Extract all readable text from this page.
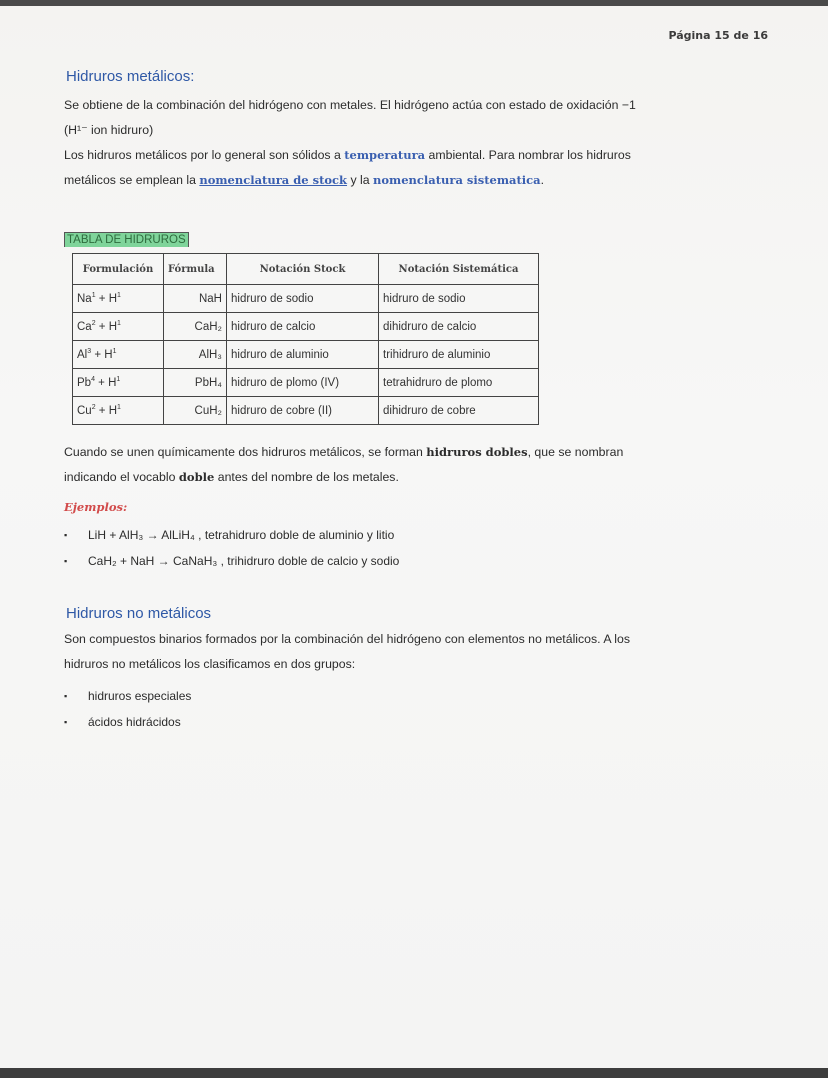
Página 15 de 16
Hidruros metálicos:
Se obtiene de la combinación del hidrógeno con metales. El hidrógeno actúa con estado de oxidación −1
(H¹⁻ ion hidruro)
Los hidruros metálicos por lo general son sólidos a temperatura ambiental. Para nombrar los hidruros
metálicos se emplean la nomenclatura de stock y la nomenclatura sistematica.
TABLA DE HIDRUROS
Formulación	Fórmula	Notación Stock	Notación Sistemática
$Na^1 + H^1$	NaH	hidruro de sodio	hidruro de sodio
$Ca^2 + H^1$	CaH₂	hidruro de calcio	dihidruro de calcio
$Al^3 + H^1$	AlH₃	hidruro de aluminio	trihidruro de aluminio
$Pb^4 + H^1$	PbH₄	hidruro de plomo (IV)	tetrahidruro de plomo
$Cu^2 + H^1$	CuH₂	hidruro de cobre (II)	dihidruro de cobre
Cuando se unen químicamente dos hidruros metálicos, se forman hidruros dobles, que se nombran
indicando el vocablo doble antes del nombre de los metales.
Ejemplos:
▪ LiH + AlH₃ → AlLiH₄ , tetrahidruro doble de aluminio y litio
▪ CaH₂ + NaH → CaNaH₃ , trihidruro doble de calcio y sodio
Hidruros no metálicos
Son compuestos binarios formados por la combinación del hidrógeno con elementos no metálicos. A los
hidruros no metálicos los clasificamos en dos grupos:
▪ hidruros especiales
▪ ácidos hidrácidos
